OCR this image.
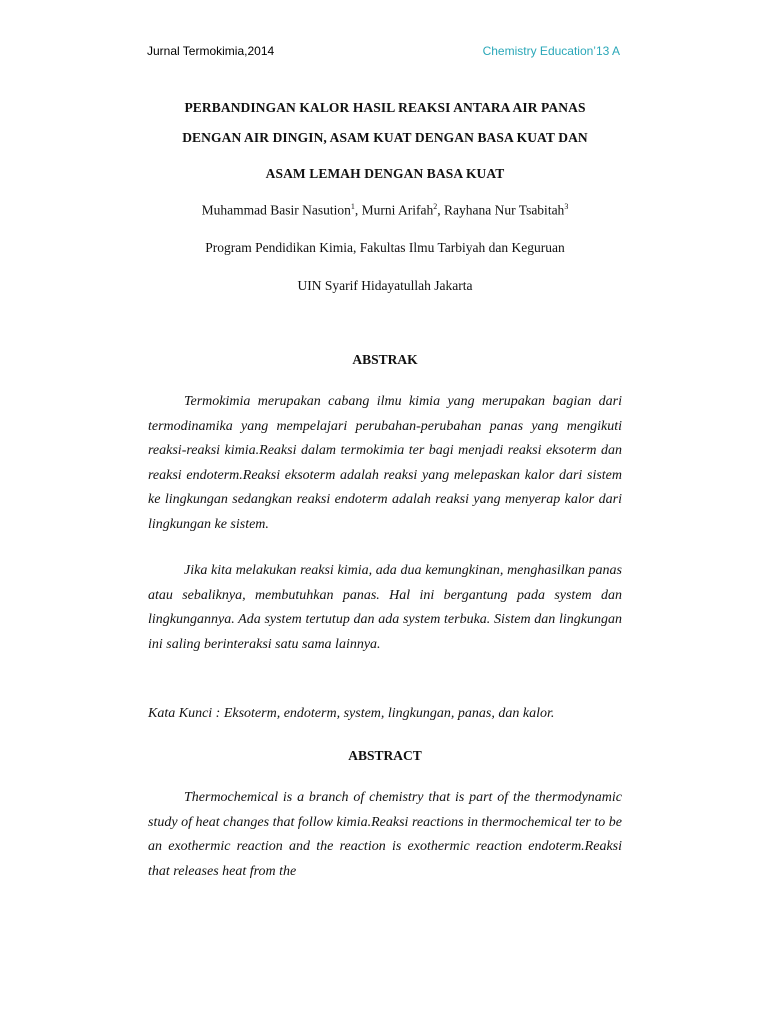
Jurnal Termokimia,2014	Chemistry Education’13 A
PERBANDINGAN KALOR HASIL REAKSI ANTARA AIR PANAS
DENGAN AIR DINGIN, ASAM KUAT DENGAN BASA KUAT DAN
ASAM LEMAH DENGAN BASA KUAT
Muhammad Basir Nasution$^1$, Murni Arifah$^2$, Rayhana Nur Tsabitah$^3$
Program Pendidikan Kimia, Fakultas Ilmu Tarbiyah dan Keguruan
UIN Syarif Hidayatullah Jakarta
ABSTRAK

Termokimia merupakan cabang ilmu kimia yang merupakan bagian dari termodinamika yang mempelajari perubahan-perubahan panas yang mengikuti reaksi-reaksi kimia.Reaksi dalam termokimia ter bagi menjadi reaksi eksoterm dan reaksi endoterm.Reaksi eksoterm adalah reaksi yang melepaskan kalor dari sistem ke lingkungan sedangkan reaksi endoterm adalah reaksi yang menyerap kalor dari lingkungan ke sistem.

Jika kita melakukan reaksi kimia, ada dua kemungkinan, menghasilkan panas atau sebaliknya, membutuhkan panas. Hal ini bergantung pada system dan lingkungannya. Ada system tertutup dan ada system terbuka. Sistem dan lingkungan ini saling berinteraksi satu sama lainnya.

Kata Kunci : Eksoterm, endoterm, system, lingkungan, panas, dan kalor.
ABSTRACT

Thermochemical is a branch of chemistry that is part of the thermodynamic study of heat changes that follow kimia.Reaksi reactions in thermochemical ter to be an exothermic reaction and the reaction is exothermic reaction endoterm.Reaksi that releases heat from the
